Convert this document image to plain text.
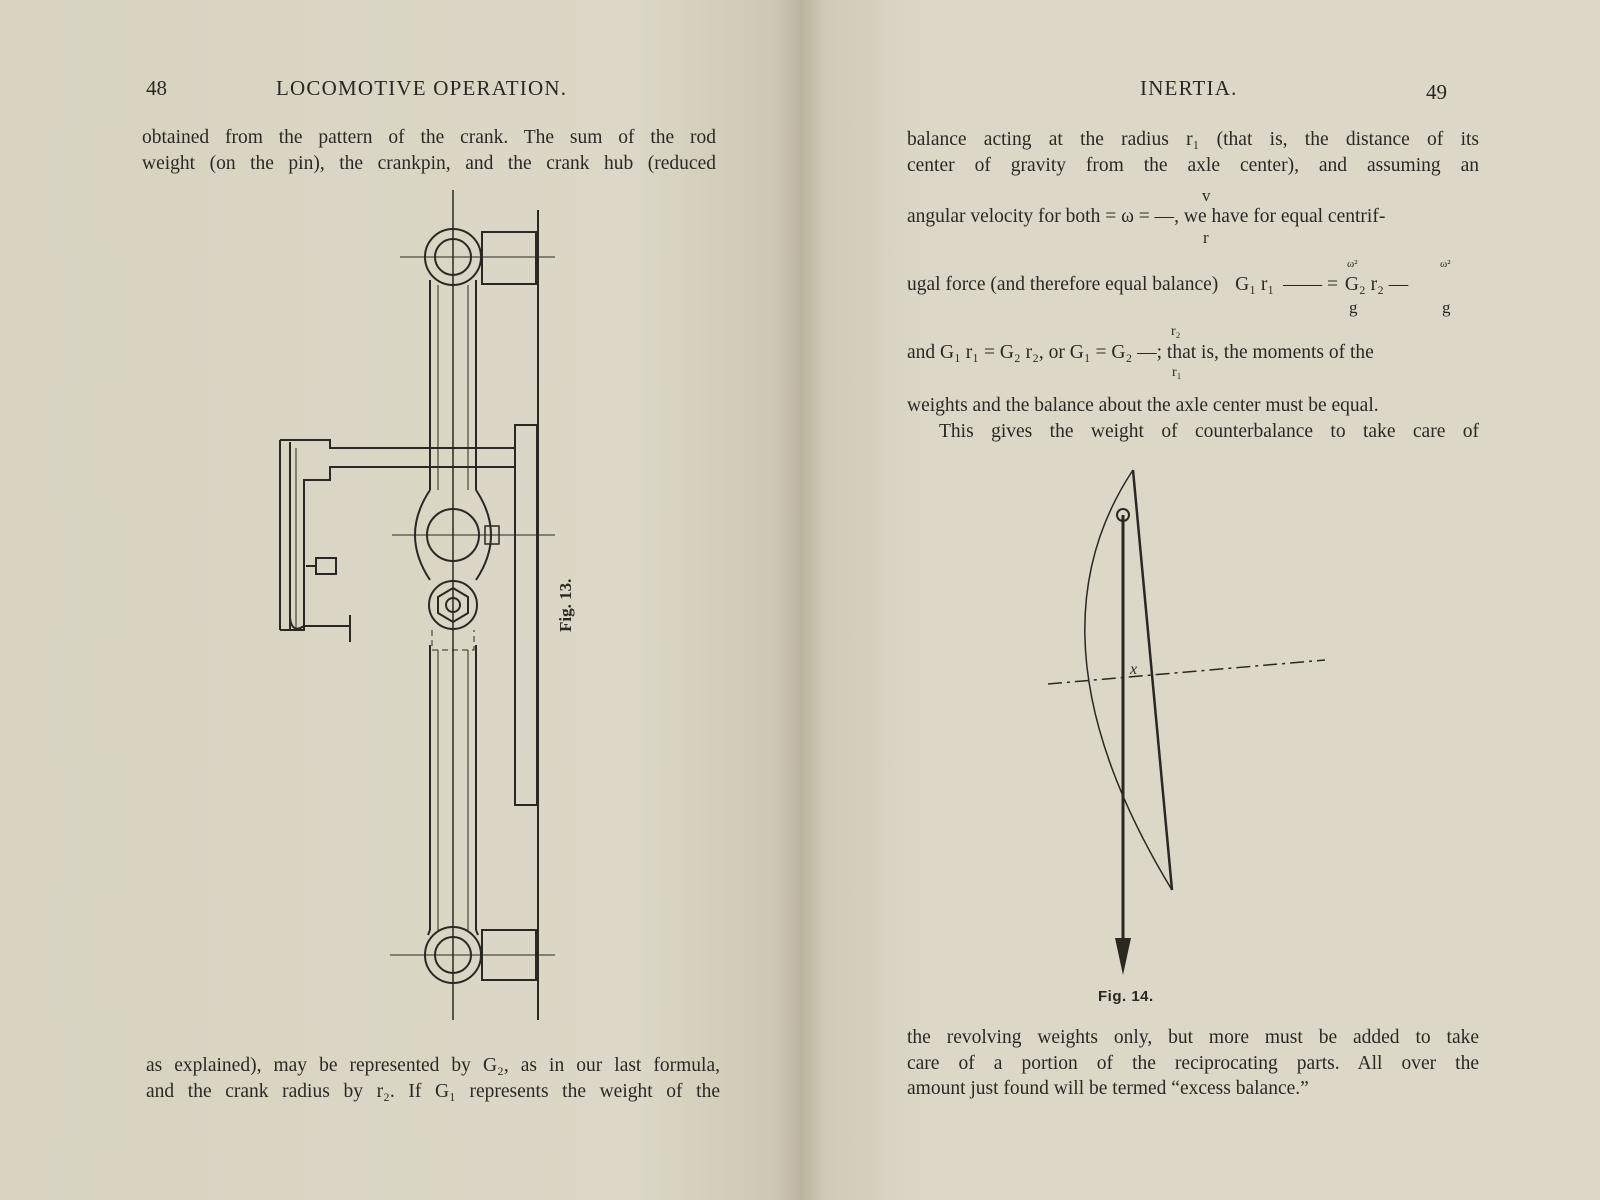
48	LOCOMOTIVE OPERATION.
obtained from the pattern of the crank. The sum of the rod
weight (on the pin), the crankpin, and the crank hub (reduced
Fig. 13.
as explained), may be represented by G₂, as in our last formula,
and the crank radius by r₂. If G₁ represents the weight of the
INERTIA.	49
balance acting at the radius r₁ (that is, the distance of its
center of gravity from the axle center), and assuming an
v
angular velocity for both = ω = —, we have for equal centrif-
r
ω²	ω²
ugal force (and therefore equal balance) G₁ r₁ —— = G₂ r₂ —
g	g
r₂
and G₁ r₁ = G₂ r₂, or G₁ = G₂ —; that is, the moments of the
r₁
weights and the balance about the axle center must be equal.
This gives the weight of counterbalance to take care of
x
Fig. 14.
the revolving weights only, but more must be added to take
care of a portion of the reciprocating parts. All over the
amount just found will be termed “excess balance.”
